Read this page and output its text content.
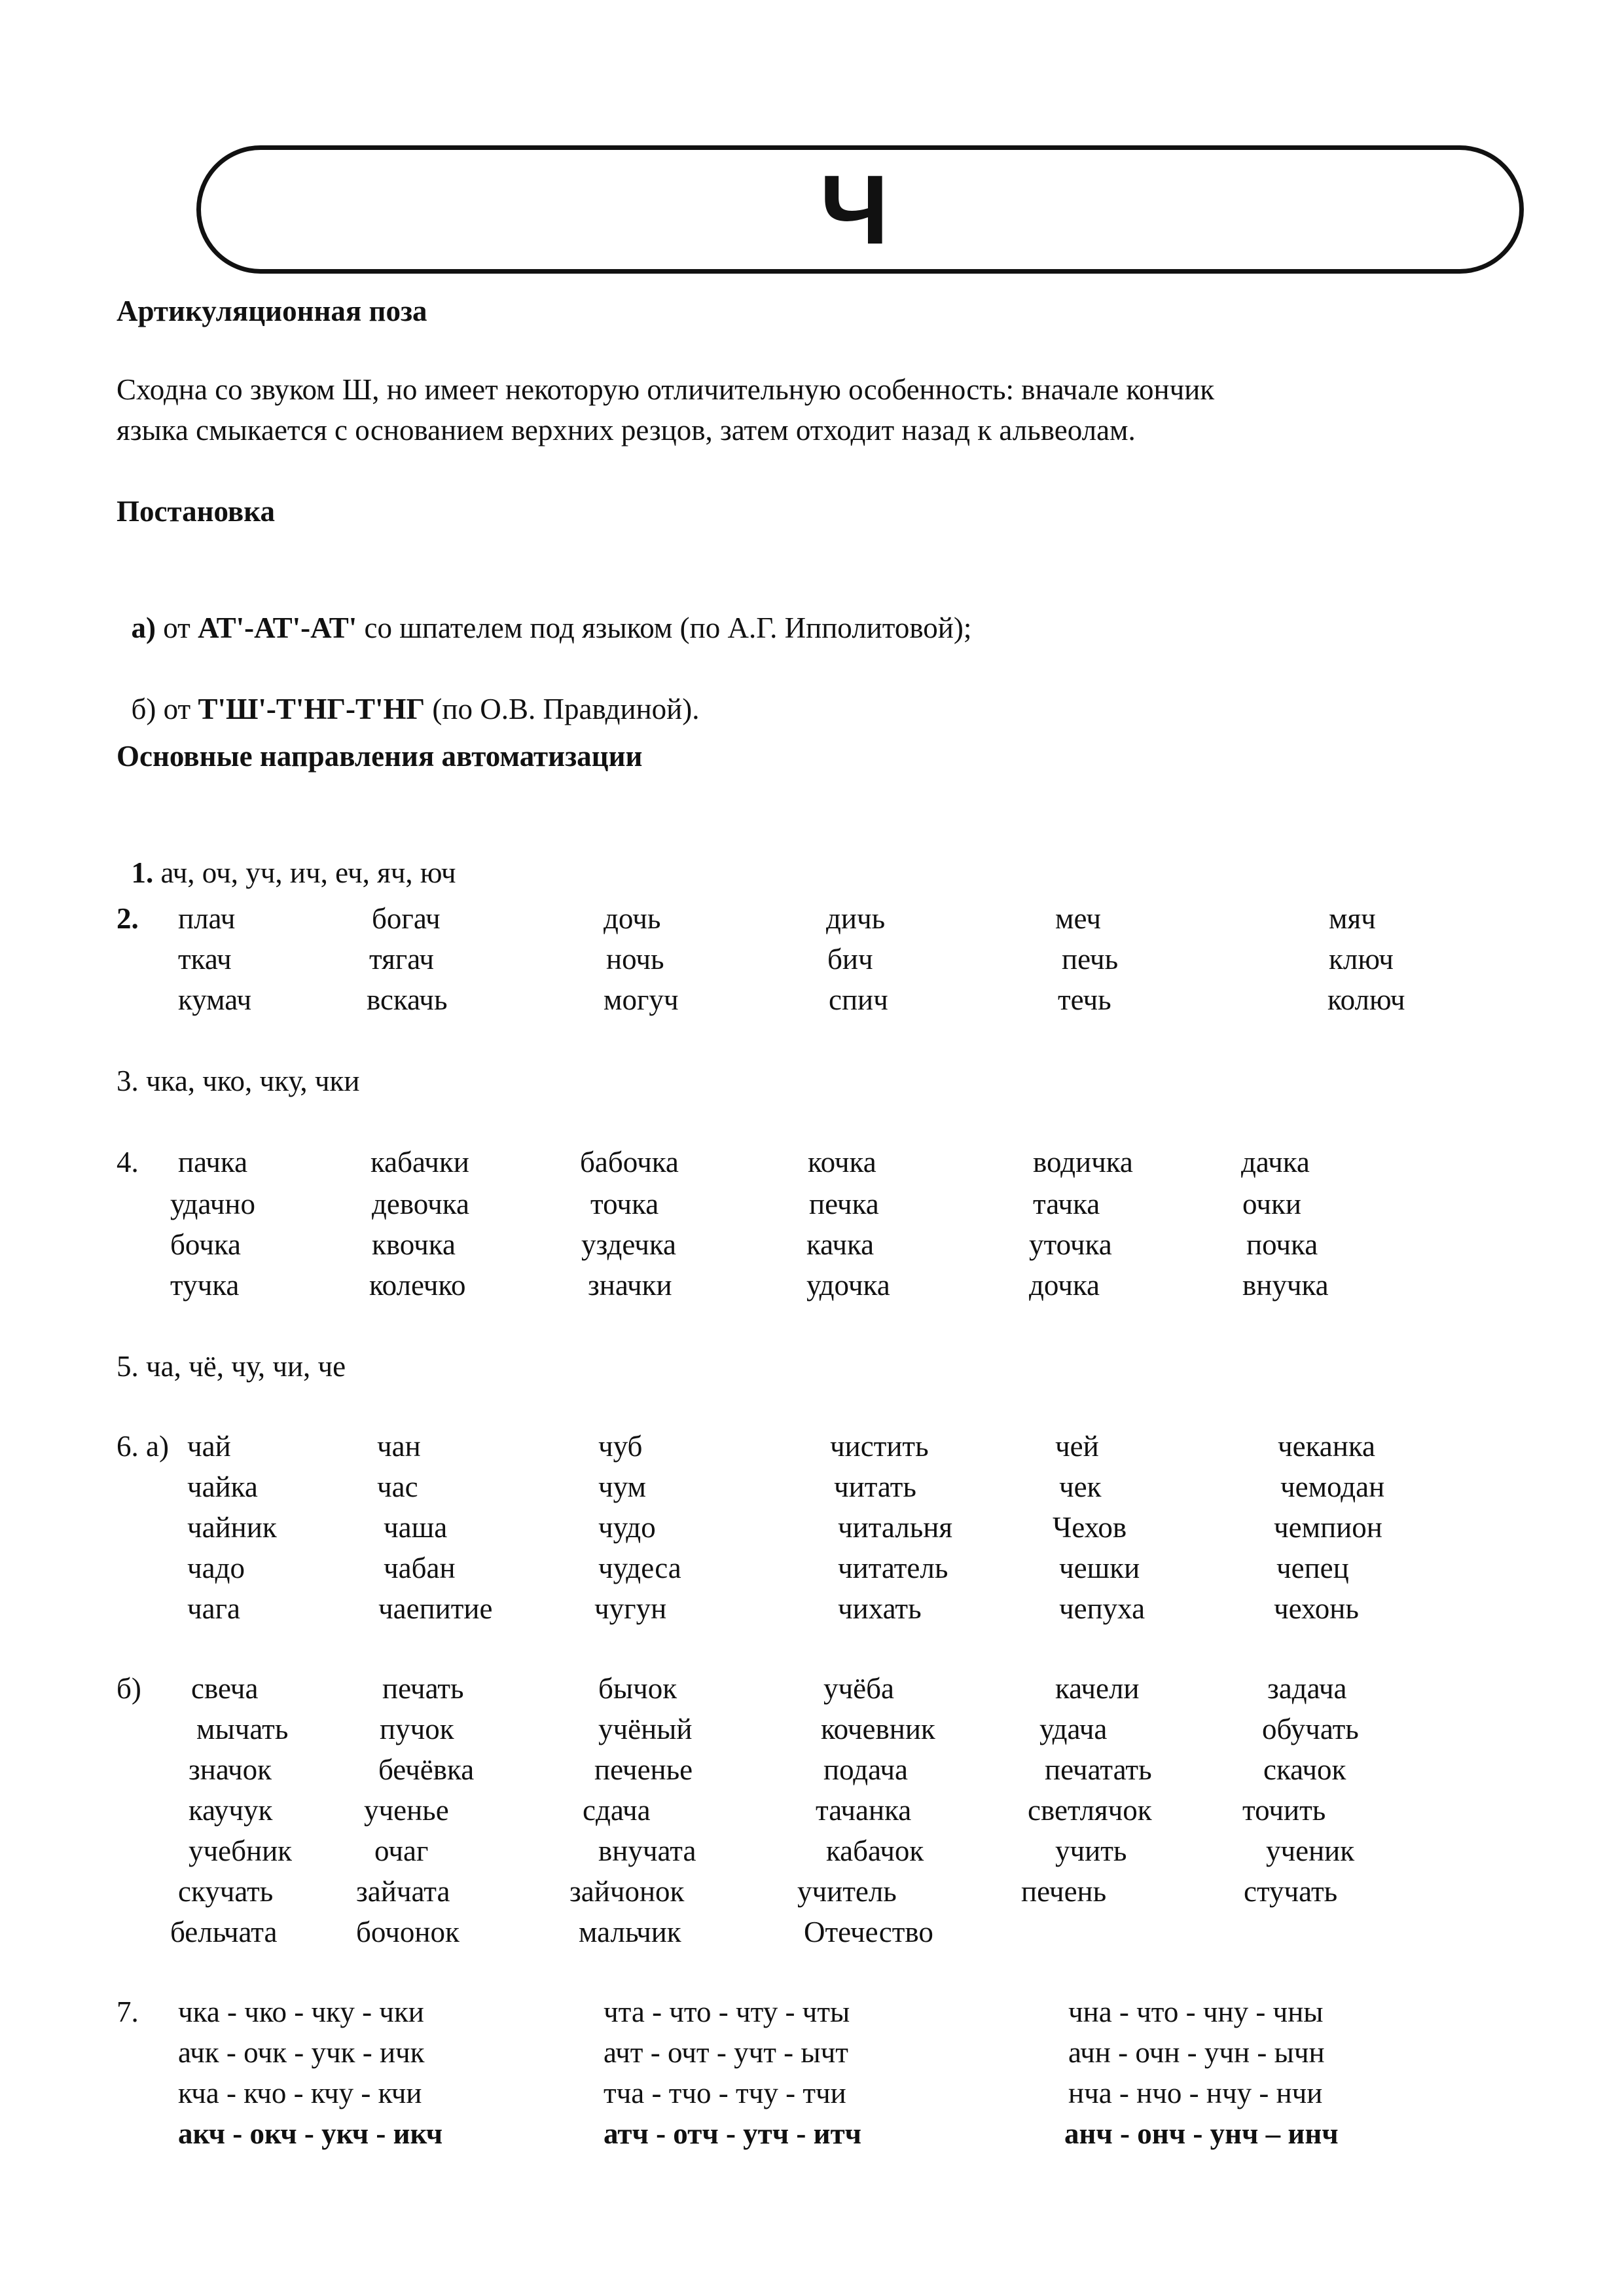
Ч
Артикуляционная поза
Сходна со звуком Ш, но имеет некоторую отличительную особенность: вначале кончик
языка смыкается с основанием верхних резцов, затем отходит назад к альвеолам.
Постановка

а) от АТ'-АТ'-АТ' со шпателем под языком (по А.Г. Ипполитовой);

б) от Т'Ш'-Т'НГ-Т'НГ (по О.В. Правдиной).

Основные направления автоматизации

1. ач, оч, уч, ич, еч, яч, юч

2. плач	богач	дочь	дичь	меч	мяч
ткач	тягач	ночь	бич	печь	ключ
кумач	вскачь	могуч	спич	течь	колюч
3. чка, чко, чку, чки
4. пачка	кабачки	бабочка	кочка	водичка	дачка
удачно	девочка	точка	печка	тачка	очки
бочка	квочка	уздечка	качка	уточка	почка
тучка	колечко	значки	удочка	дочка	внучка
5. ча, чё, чу, чи, че
6. а) чай	чан	чуб	чистить	чей	чеканка
чайка	час	чум	читать	чек	чемодан
чайник	чаша	чудо	читальня	Чехов	чемпион
чадо	чабан	чудеса	читатель	чешки	чепец
чага	чаепитие	чугун	чихать	чепуха	чехонь
б) свеча	печать	бычок	учёба	качели	задача
мычать	пучок	учёный	кочевник	удача	обучать
значок	бечёвка	печенье	подача	печатать	скачок
каучук	ученье	сдача	тачанка	светлячок	точить
учебник	очаг	внучата	кабачок	учить	ученик
скучать	зайчата	зайчонок	учитель	печень	стучать
бельчата	бочонок	мальчик	Отечество
7. чка - чко - чку - чки	чта - что - чту - чты	чна - что - чну - чны
ачк - очк - учк - ичк	ачт - очт - учт - ычт	ачн - очн - учн - ычн
кча - кчо - кчу - кчи	тча - тчо - тчу - тчи	нча - нчо - нчу - нчи
акч - окч - укч - икч	атч - отч - утч - итч	анч - онч - унч – инч
